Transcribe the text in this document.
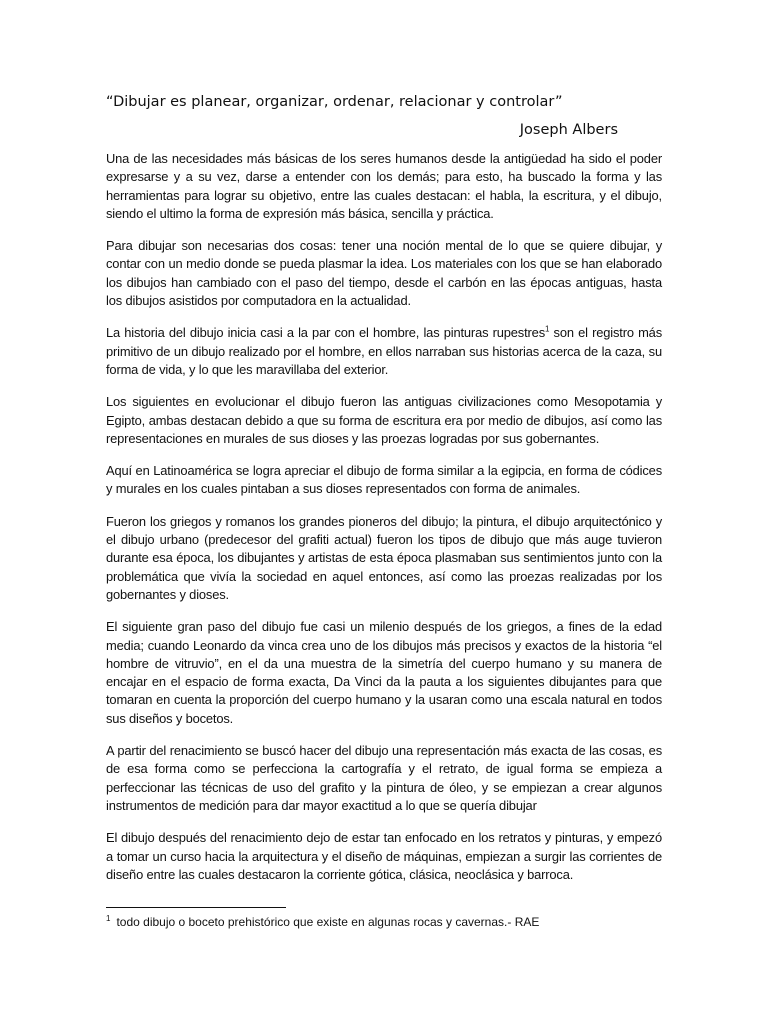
“Dibujar es planear, organizar, ordenar, relacionar y controlar”
Joseph Albers

Una de las necesidades más básicas de los seres humanos desde la antigüedad ha sido el poder expresarse y a su vez, darse a entender con los demás; para esto, ha buscado la forma y las herramientas para lograr su objetivo, entre las cuales destacan: el habla, la escritura, y el dibujo, siendo el ultimo la forma de expresión más básica, sencilla y práctica.

Para dibujar son necesarias dos cosas: tener una noción mental de lo que se quiere dibujar, y contar con un medio donde se pueda plasmar la idea. Los materiales con los que se han elaborado los dibujos han cambiado con el paso del tiempo, desde el carbón en las épocas antiguas, hasta los dibujos asistidos por computadora en la actualidad.

La historia del dibujo inicia casi a la par con el hombre, las pinturas rupestres$^1$ son el registro más primitivo de un dibujo realizado por el hombre, en ellos narraban sus historias acerca de la caza, su forma de vida, y lo que les maravillaba del exterior.

Los siguientes en evolucionar el dibujo fueron las antiguas civilizaciones como Mesopotamia y Egipto, ambas destacan debido a que su forma de escritura era por medio de dibujos, así como las representaciones en murales de sus dioses y las proezas logradas por sus gobernantes.

Aquí en Latinoamérica se logra apreciar el dibujo de forma similar a la egipcia, en forma de códices y murales en los cuales pintaban a sus dioses representados con forma de animales.

Fueron los griegos y romanos los grandes pioneros del dibujo; la pintura, el dibujo arquitectónico y el dibujo urbano (predecesor del grafiti actual) fueron los tipos de dibujo que más auge tuvieron durante esa época, los dibujantes y artistas de esta época plasmaban sus sentimientos junto con la problemática que vivía la sociedad en aquel entonces, así como las proezas realizadas por los gobernantes y dioses.

El siguiente gran paso del dibujo fue casi un milenio después de los griegos, a fines de la edad media; cuando Leonardo da vinca crea uno de los dibujos más precisos y exactos de la historia “el hombre de vitruvio”, en el da una muestra de la simetría del cuerpo humano y su manera de encajar en el espacio de forma exacta, Da Vinci da la pauta a los siguientes dibujantes para que tomaran en cuenta la proporción del cuerpo humano y la usaran como una escala natural en todos sus diseños y bocetos.

A partir del renacimiento se buscó hacer del dibujo una representación más exacta de las cosas, es de esa forma como se perfecciona la cartografía y el retrato, de igual forma se empieza a perfeccionar las técnicas de uso del grafito y la pintura de óleo, y se empiezan a crear algunos instrumentos de medición para dar mayor exactitud a lo que se quería dibujar

El dibujo después del renacimiento dejo de estar tan enfocado en los retratos y pinturas, y empezó a tomar un curso hacia la arquitectura y el diseño de máquinas, empiezan a surgir las corrientes de diseño entre las cuales destacaron la corriente gótica, clásica, neoclásica y barroca.

$^1$ todo dibujo o boceto prehistórico que existe en algunas rocas y cavernas.- RAE
